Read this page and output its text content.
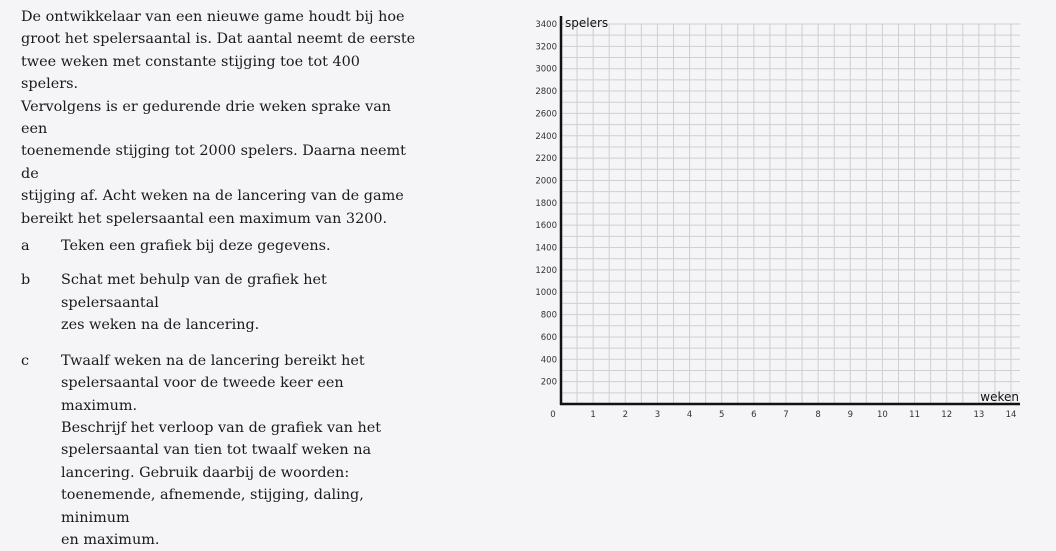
De ontwikkelaar van een nieuwe game houdt bij hoe
groot het spelersaantal is. Dat aantal neemt de eerste
twee weken met constante stijging toe tot 400 spelers.
Vervolgens is er gedurende drie weken sprake van een
toenemende stijging tot 2000 spelers. Daarna neemt de
stijging af. Acht weken na de lancering van de game
bereikt het spelersaantal een maximum van 3200.

a Teken een grafiek bij deze gegevens.
b Schat met behulp van de grafiek het spelersaantal
zes weken na de lancering.
c Twaalf weken na de lancering bereikt het
spelersaantal voor de tweede keer een maximum.
Beschrijf het verloop van de grafiek van het
spelersaantal van tien tot twaalf weken na
lancering. Gebruik daarbij de woorden:
toenemende, afnemende, stijging, daling, minimum
en maximum.
0	1	2	3	4	5	6	7	8	9	10	11	12	13	14
200
400
600
800
1000
1200
1400
1600
1800
2000
2200
2400
2600
2800
3000
3200
3400 spelers
weken
